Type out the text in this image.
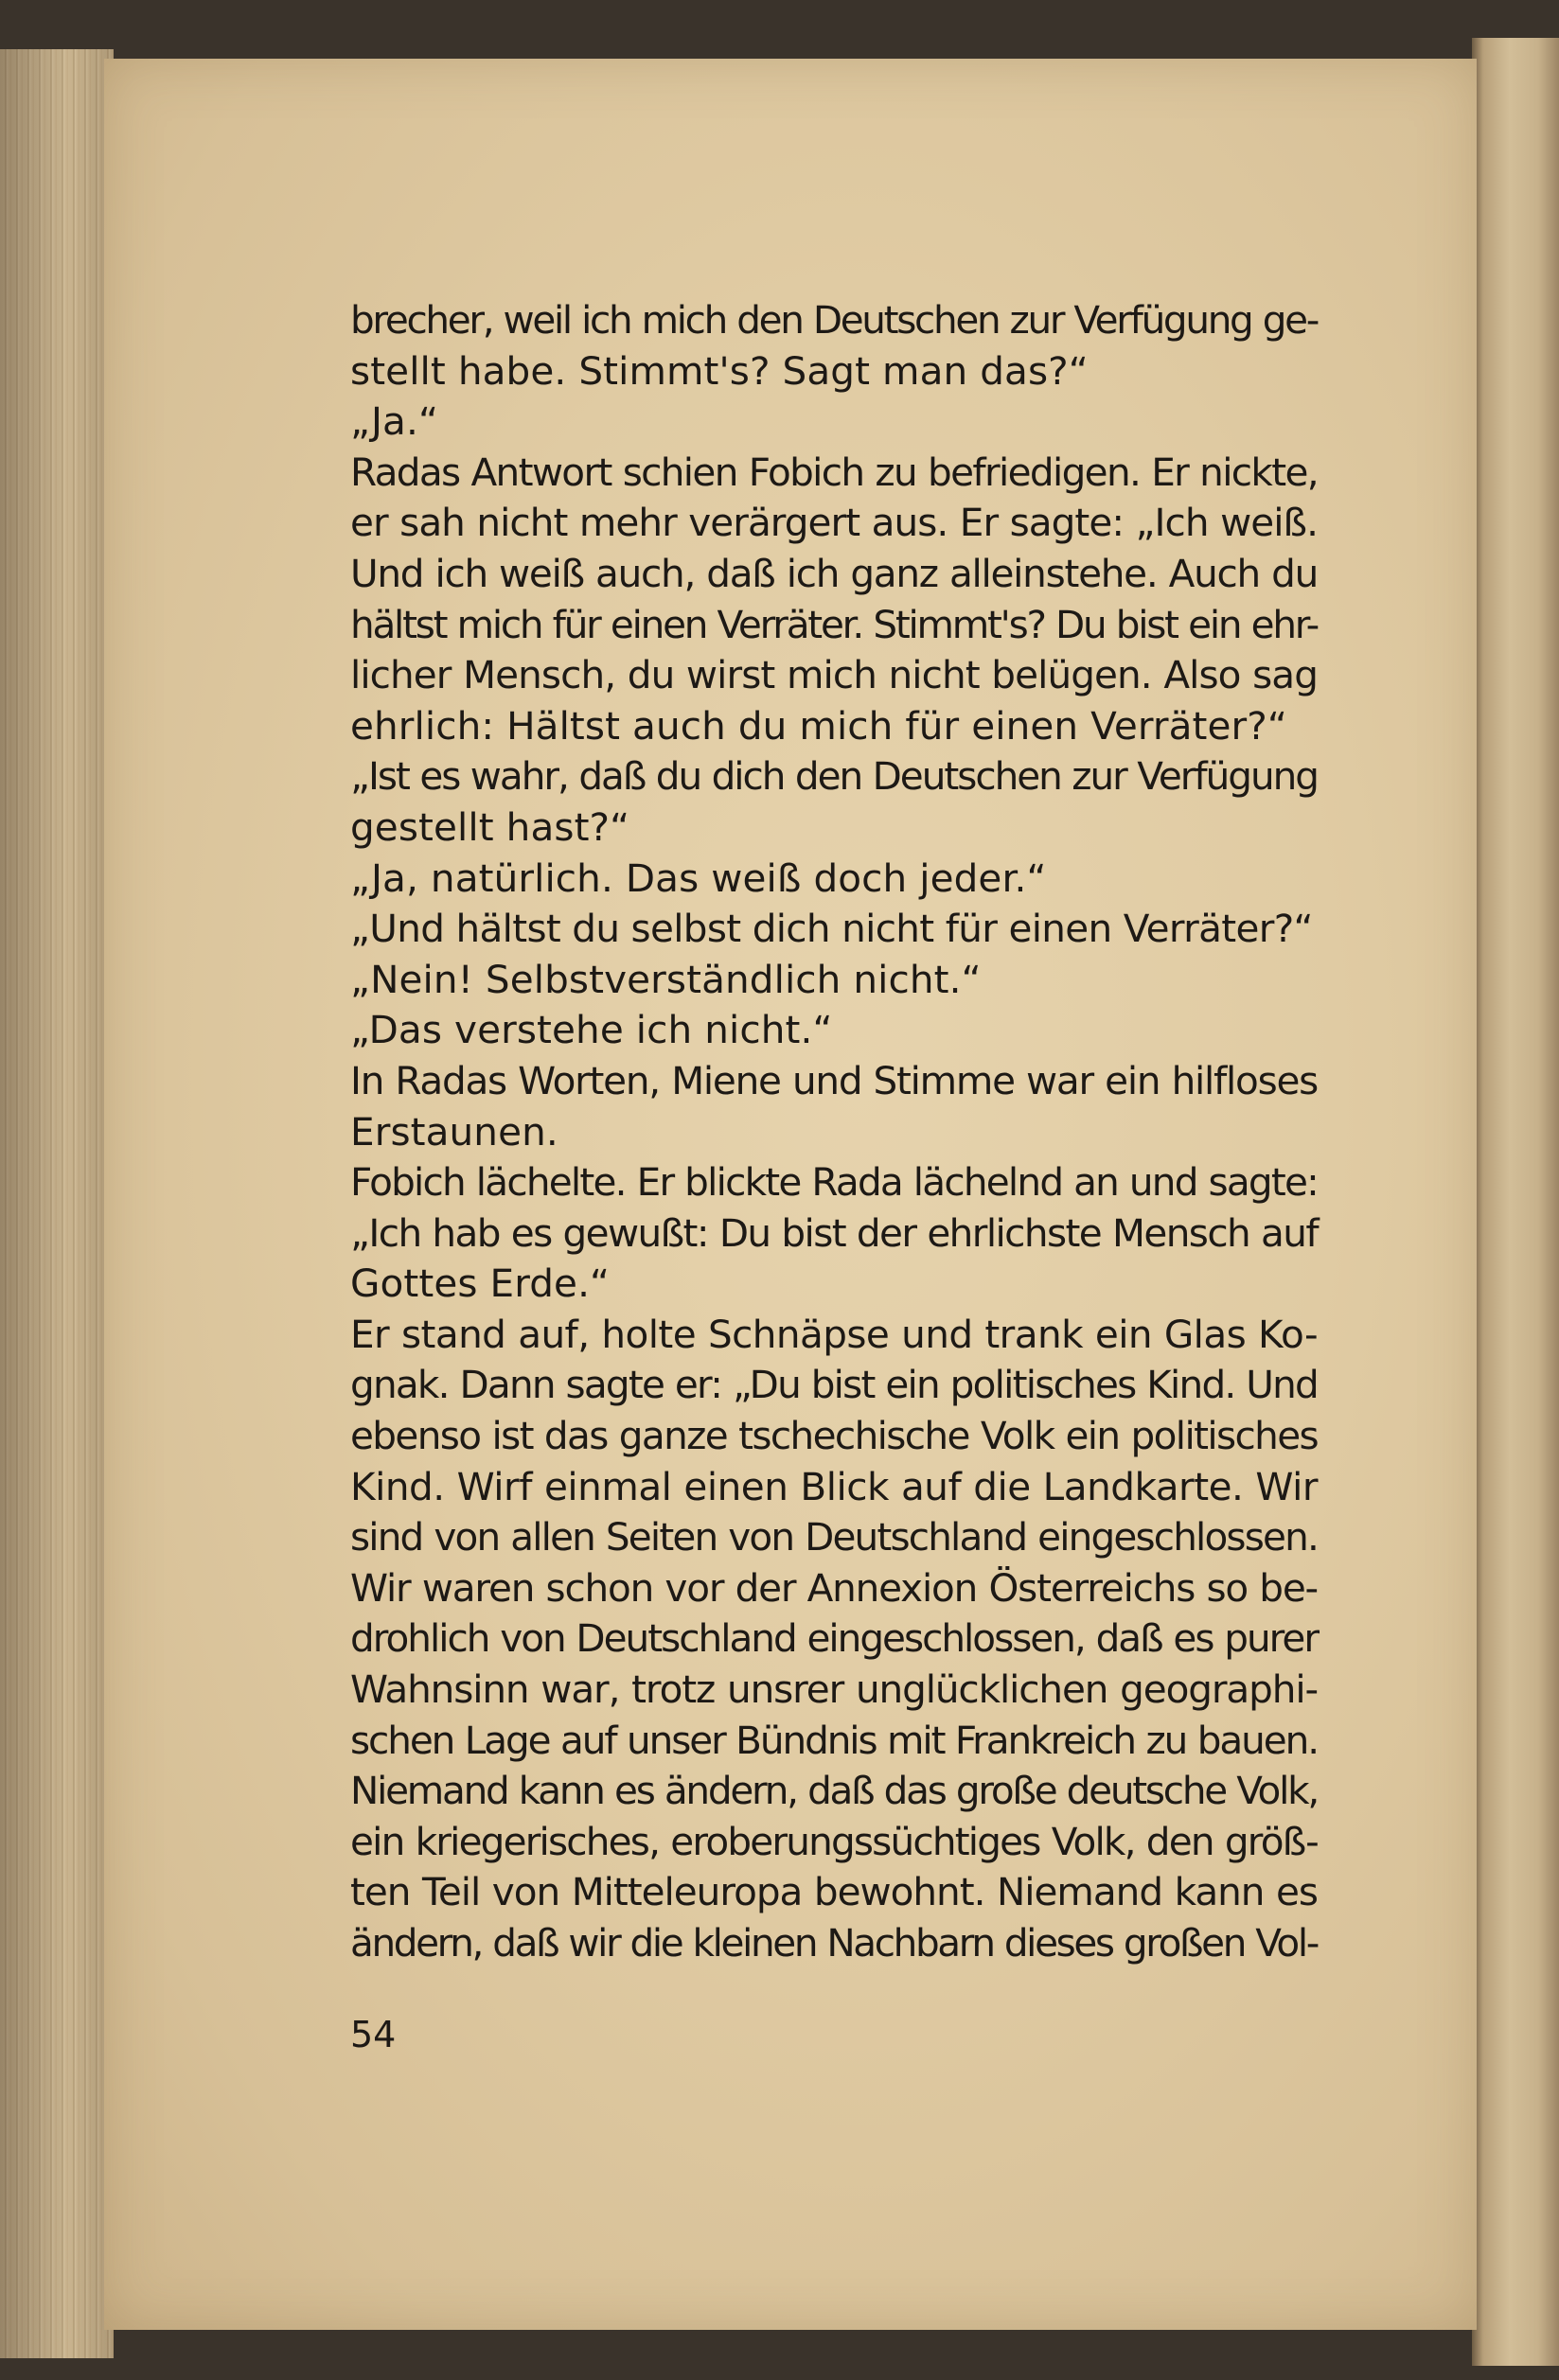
brecher, weil ich mich den Deutschen zur Verfügung ge-
stellt habe. Stimmt's? Sagt man das?“
„Ja.“
Radas Antwort schien Fobich zu befriedigen. Er nickte,
er sah nicht mehr verärgert aus. Er sagte: „Ich weiß.
Und ich weiß auch, daß ich ganz alleinstehe. Auch du
hältst mich für einen Verräter. Stimmt's? Du bist ein ehr-
licher Mensch, du wirst mich nicht belügen. Also sag
ehrlich: Hältst auch du mich für einen Verräter?“
„Ist es wahr, daß du dich den Deutschen zur Verfügung
gestellt hast?“
„Ja, natürlich. Das weiß doch jeder.“
„Und hältst du selbst dich nicht für einen Verräter?“
„Nein! Selbstverständlich nicht.“
„Das verstehe ich nicht.“
In Radas Worten, Miene und Stimme war ein hilfloses
Erstaunen.
Fobich lächelte. Er blickte Rada lächelnd an und sagte:
„Ich hab es gewußt: Du bist der ehrlichste Mensch auf
Gottes Erde.“
Er stand auf, holte Schnäpse und trank ein Glas Ko-
gnak. Dann sagte er: „Du bist ein politisches Kind. Und
ebenso ist das ganze tschechische Volk ein politisches
Kind. Wirf einmal einen Blick auf die Landkarte. Wir
sind von allen Seiten von Deutschland eingeschlossen.
Wir waren schon vor der Annexion Österreichs so be-
drohlich von Deutschland eingeschlossen, daß es purer
Wahnsinn war, trotz unsrer unglücklichen geographi-
schen Lage auf unser Bündnis mit Frankreich zu bauen.
Niemand kann es ändern, daß das große deutsche Volk,
ein kriegerisches, eroberungssüchtiges Volk, den größ-
ten Teil von Mitteleuropa bewohnt. Niemand kann es
ändern, daß wir die kleinen Nachbarn dieses großen Vol-
54
